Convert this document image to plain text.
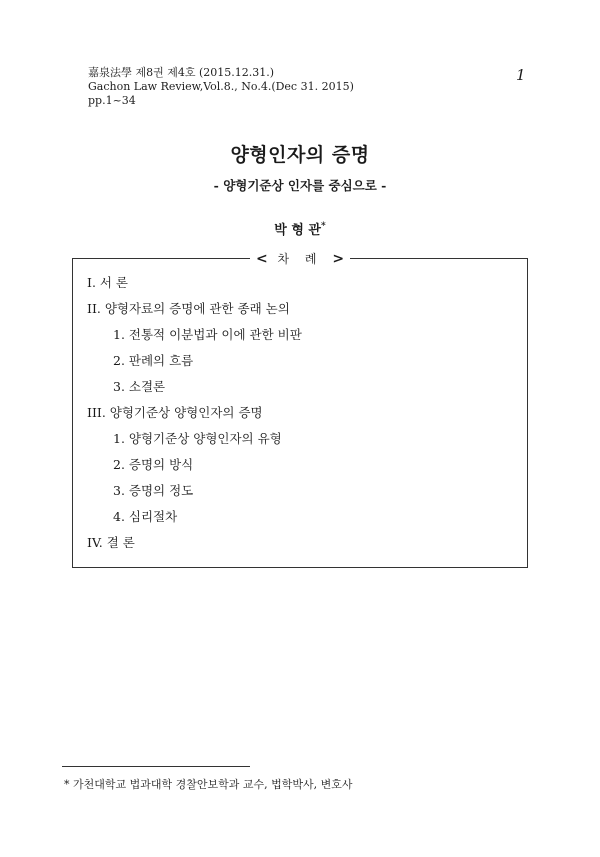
嘉泉法學 제8권 제4호 (2015.12.31.)
Gachon Law Review,Vol.8., No.4.(Dec 31. 2015)
pp.1~34
1
양형인자의 증명
- 양형기준상 인자를 중심으로 -
박 형 관*
< 차 례 >
I. 서 론
II. 양형자료의 증명에 관한 종래 논의
1. 전통적 이분법과 이에 관한 비판
2. 판례의 흐름
3. 소결론
III. 양형기준상 양형인자의 증명
1. 양형기준상 양형인자의 유형
2. 증명의 방식
3. 증명의 정도
4. 심리절차
IV. 결 론
* 가천대학교 법과대학 경찰안보학과 교수, 법학박사, 변호사
